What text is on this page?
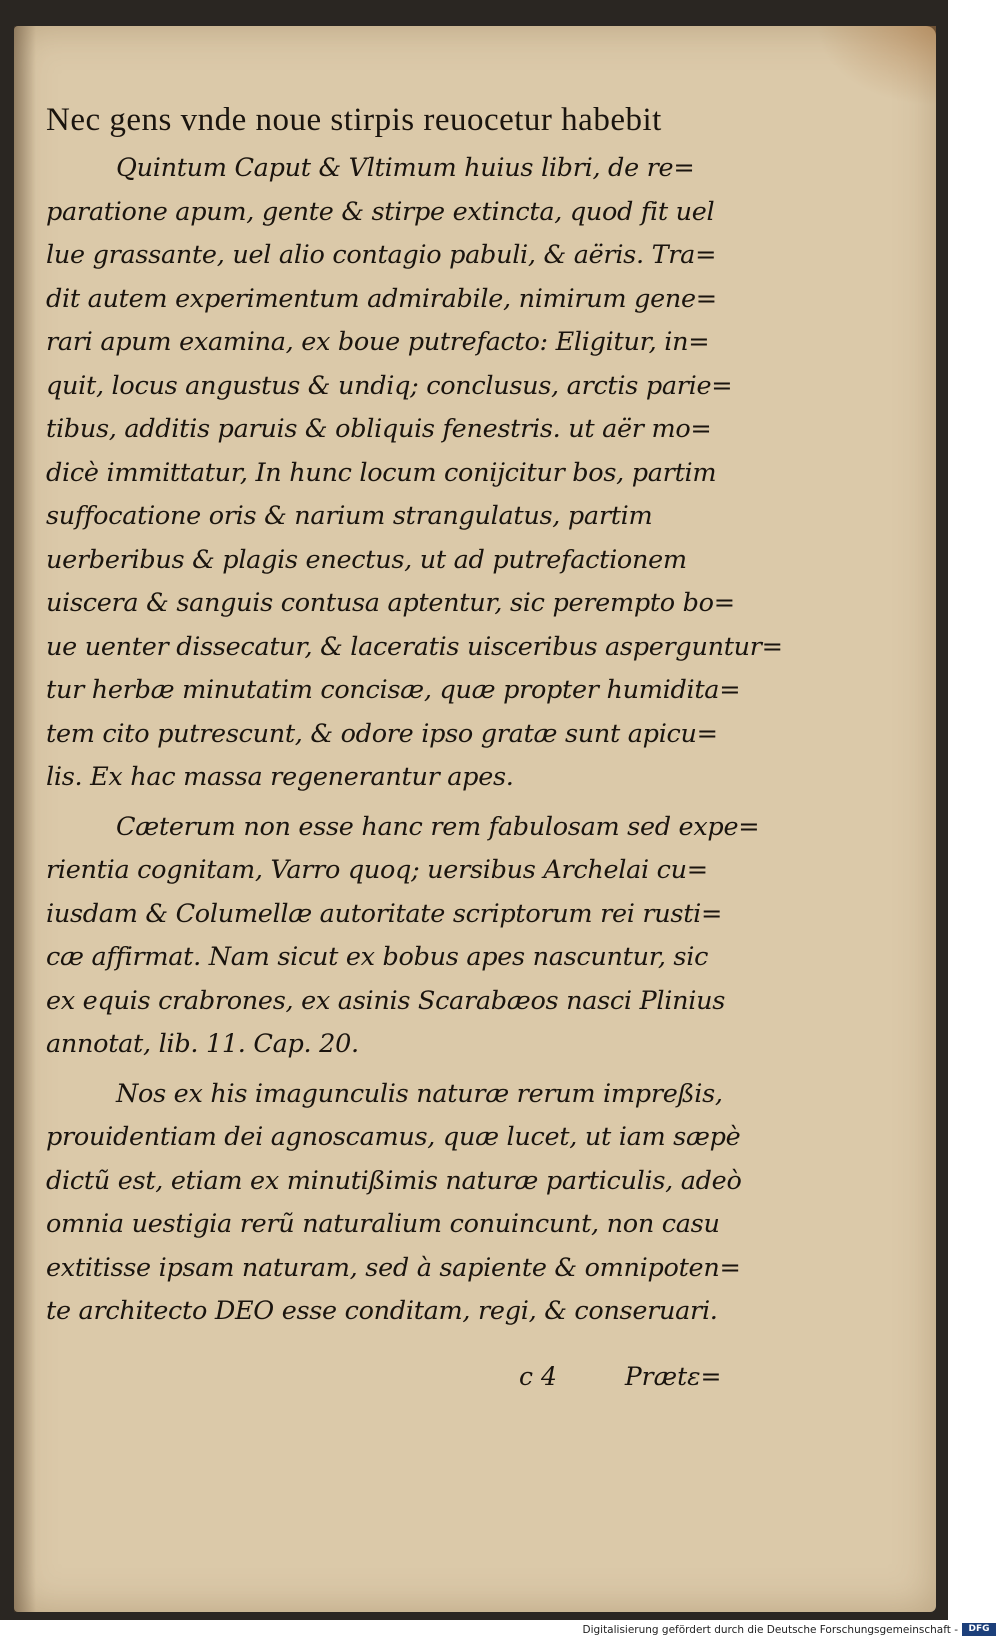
Nec gens vnde noue stirpis reuocetur habebit
Quintum Caput & Vltimum huius libri, de re=
paratione apum, gente & stirpe extincta, quod fit uel
lue grassante, uel alio contagio pabuli, & aëris. Tra=
dit autem experimentum admirabile, nimirum gene=
rari apum examina, ex boue putrefacto: Eligitur, in=
quit, locus angustus & undiq; conclusus, arctis parie=
tibus, additis paruis & obliquis fenestris. ut aër mo=
dicè immittatur, In hunc locum conijcitur bos, partim
suffocatione oris & narium strangulatus, partim
uerberibus & plagis enectus, ut ad putrefactionem
uiscera & sanguis contusa aptentur, sic perempto bo=
ue uenter dissecatur, & laceratis uisceribus asperguntur=
tur herbæ minutatim concisæ, quæ propter humidita=
tem cito putrescunt, & odore ipso gratæ sunt apicu=
lis. Ex hac massa regenerantur apes.
Cæterum non esse hanc rem fabulosam sed expe=
rientia cognitam, Varro quoq; uersibus Archelai cu=
iusdam & Columellæ autoritate scriptorum rei rusti=
cæ affirmat. Nam sicut ex bobus apes nascuntur, sic
ex equis crabrones, ex asinis Scarabæos nasci Plinius
annotat, lib. 11. Cap. 20.
Nos ex his imagunculis naturæ rerum impreßis,
prouidentiam dei agnoscamus, quæ lucet, ut iam sæpè
dictũ est, etiam ex minutißimis naturæ particulis, adeò
omnia uestigia rerũ naturalium conuincunt, non casu
extitisse ipsam naturam, sed à sapiente & omnipoten=
te architecto DEO esse conditam, regi, & conseruari.
c 4	Prætε=
Digitalisierung gefördert durch die Deutsche Forschungsgemeinschaft -	DFG
